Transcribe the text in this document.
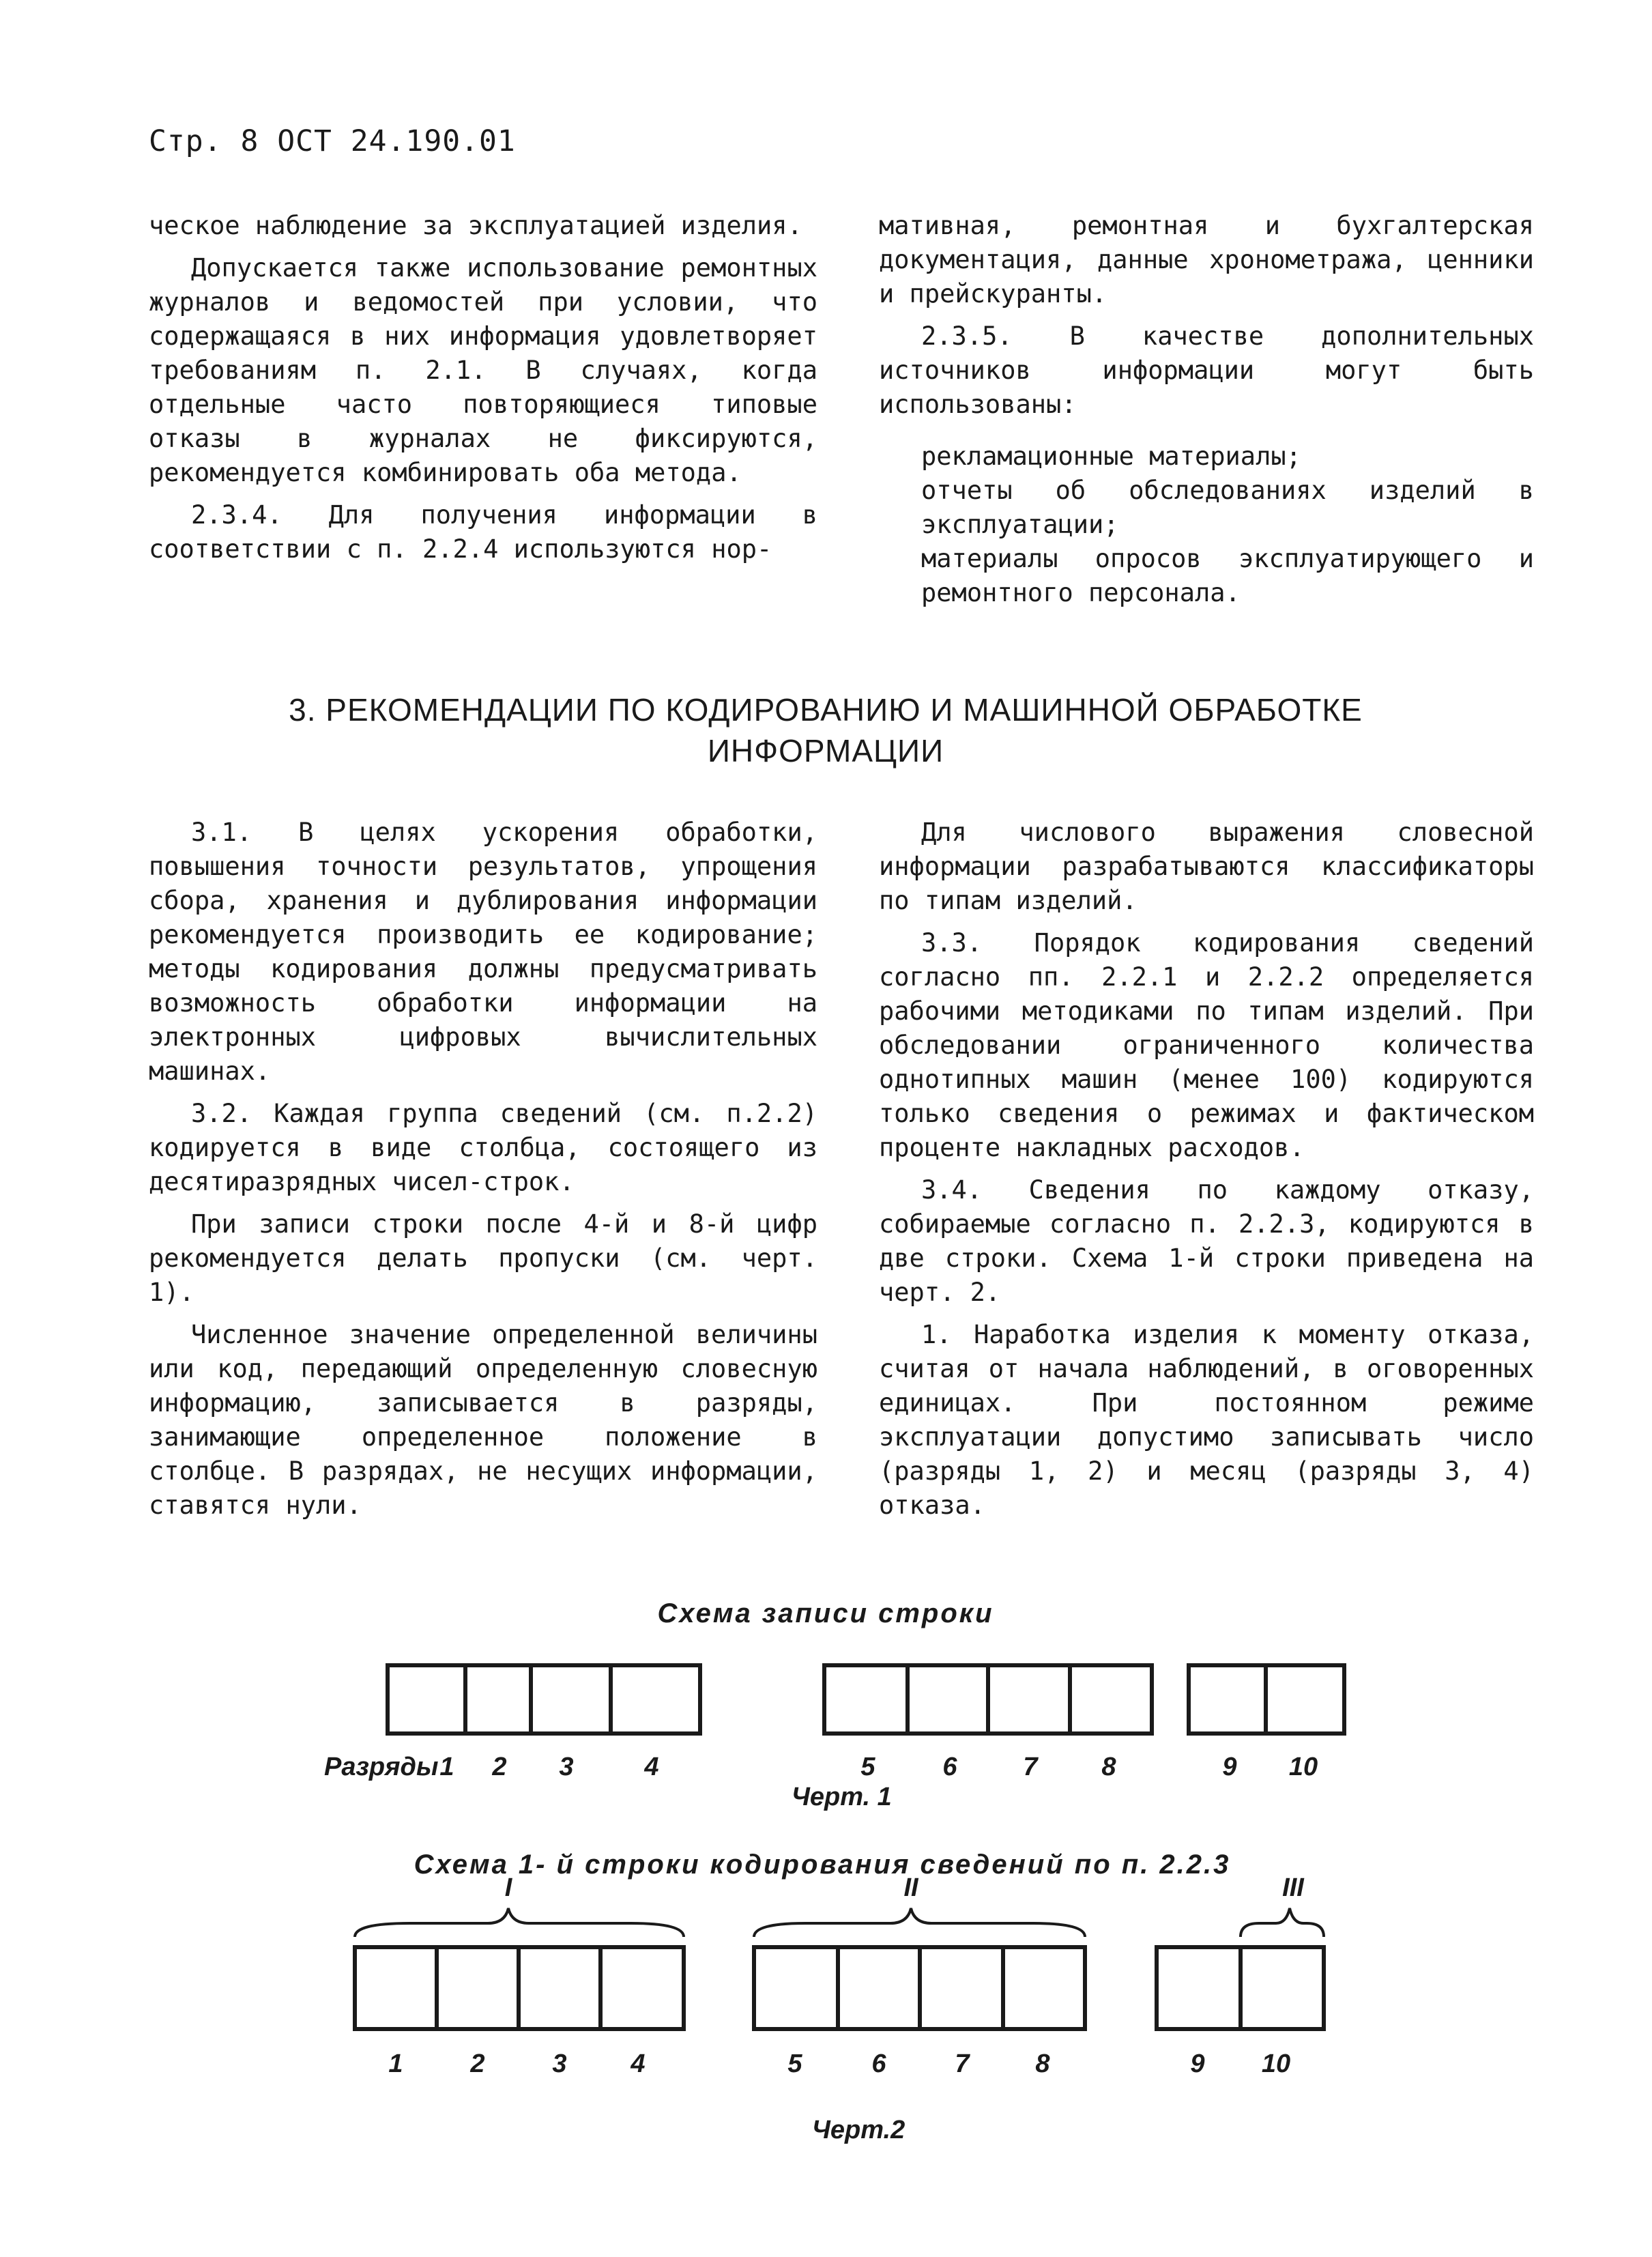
Стр. 8 ОСТ 24.190.01

ческое наблюдение за эксплуатацией изделия.

Допускается также использование ремонтных журналов и ведомостей при условии, что содержащаяся в них информация удовлетворяет требованиям п. 2.1. В случаях, когда отдельные часто повторяющиеся типовые отказы в журналах не фиксируются, рекомендуется комбинировать оба метода.

2.3.4. Для получения информации в соответствии с п. 2.2.4 используются нор-

мативная, ремонтная и бухгалтерская документация, данные хронометража, ценники и прейскуранты.

2.3.5. В качестве дополнительных источников информации могут быть использованы:

рекламационные материалы;

отчеты об обследованиях изделий в эксплуатации;

материалы опросов эксплуатирующего и ремонтного персонала.

3. РЕКОМЕНДАЦИИ ПО КОДИРОВАНИЮ И МАШИННОЙ ОБРАБОТКЕ
ИНФОРМАЦИИ

3.1. В целях ускорения обработки, повышения точности результатов, упрощения сбора, хранения и дублирования информации рекомендуется производить ее кодирование; методы кодирования должны предусматривать возможность обработки информации на электронных цифровых вычислительных машинах.

3.2. Каждая группа сведений (см. п.2.2) кодируется в виде столбца, состоящего из десятиразрядных чисел-строк.

При записи строки после 4-й и 8-й цифр рекомендуется делать пропуски (см. черт. 1).

Численное значение определенной величины или код, передающий определенную словесную информацию, записывается в разряды, занимающие определенное положение в столбце. В разрядах, не несущих информации, ставятся нули.

Для числового выражения словесной информации разрабатываются классификаторы по типам изделий.

3.3. Порядок кодирования сведений согласно пп. 2.2.1 и 2.2.2 определяется рабочими методиками по типам изделий. При обследовании ограниченного количества однотипных машин (менее 100) кодируются только сведения о режимах и фактическом проценте накладных расходов.

3.4. Сведения по каждому отказу, собираемые согласно п. 2.2.3, кодируются в две строки. Схема 1-й строки приведена на черт. 2.

1. Наработка изделия к моменту отказа, считая от начала наблюдений, в оговоренных единицах. При постоянном режиме эксплуатации допустимо записывать число (разряды 1, 2) и месяц (разряды 3, 4) отказа.

Схема записи строки
Разряды 1 2 3	4	5	6	7 8	9 10
Черт. 1
Схема 1- й строки кодирования сведений по п. 2.2.3
I	II	III
1	2	3 4	5	6	7	8	9 10
Черт.2
